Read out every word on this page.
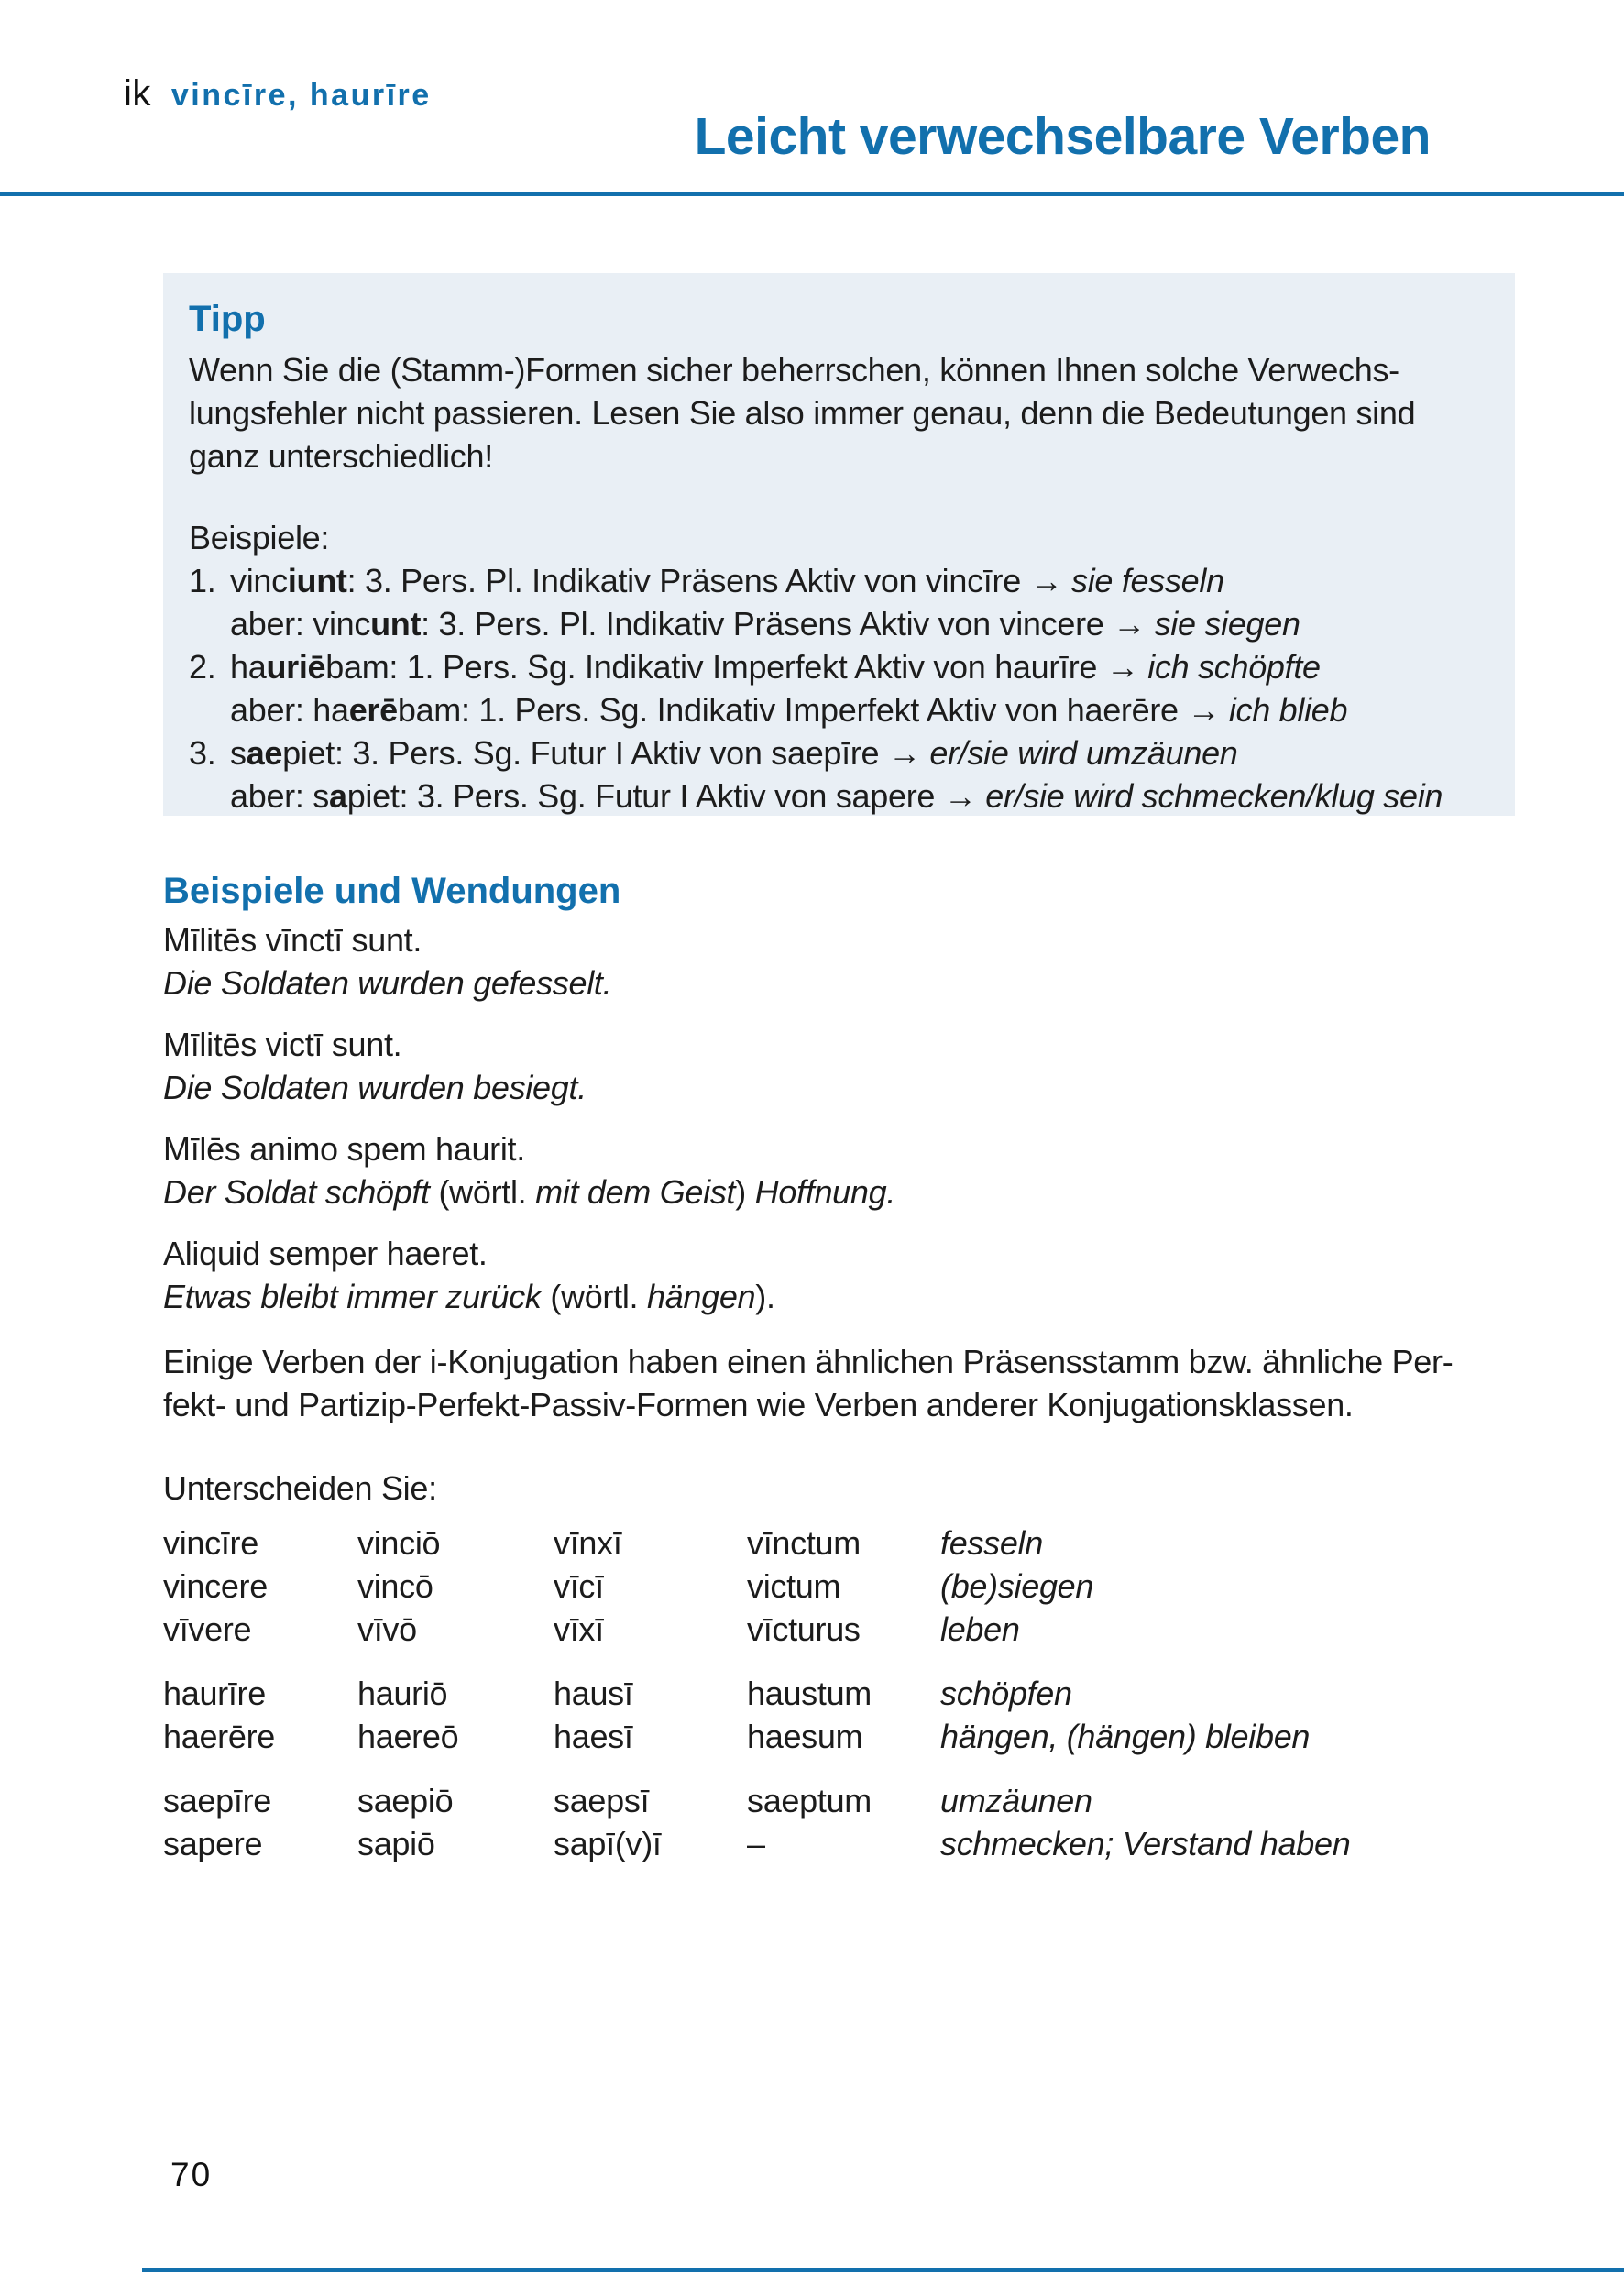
ik vincīre, haurīre
Leicht verwechselbare Verben
Tipp
Wenn Sie die (Stamm-)Formen sicher beherrschen, können Ihnen solche Verwechs-
lungsfehler nicht passieren. Lesen Sie also immer genau, denn die Bedeutungen sind
ganz unterschiedlich!
Beispiele:
1. vinciunt: 3. Pers. Pl. Indikativ Präsens Aktiv von vincīre → sie fesseln
aber: vincunt: 3. Pers. Pl. Indikativ Präsens Aktiv von vincere → sie siegen
2. hauriēbam: 1. Pers. Sg. Indikativ Imperfekt Aktiv von haurīre → ich schöpfte
aber: haerēbam: 1. Pers. Sg. Indikativ Imperfekt Aktiv von haerēre → ich blieb
3. saepiet: 3. Pers. Sg. Futur I Aktiv von saepīre → er/sie wird umzäunen
aber: sapiet: 3. Pers. Sg. Futur I Aktiv von sapere → er/sie wird schmecken/klug sein
Beispiele und Wendungen
Mīlitēs vīnctī sunt.
Die Soldaten wurden gefesselt.
Mīlitēs victī sunt.
Die Soldaten wurden besiegt.
Mīlēs animo spem haurit.
Der Soldat schöpft (wörtl. mit dem Geist) Hoffnung.
Aliquid semper haeret.
Etwas bleibt immer zurück (wörtl. hängen).
Einige Verben der i-Konjugation haben einen ähnlichen Präsensstamm bzw. ähnliche Per-
fekt- und Partizip-Perfekt-Passiv-Formen wie Verben anderer Konjugationsklassen.
Unterscheiden Sie:
vincīre	vinciō	vīnxī	vīnctum	fesseln
vincere	vincō	vīcī	victum	(be)siegen
vīvere	vīvō	vīxī	vīcturus	leben
haurīre	hauriō	hausī	haustum	schöpfen
haerēre	haereō	haesī	haesum	hängen, (hängen) bleiben
saepīre	saepiō	saepsī	saeptum	umzäunen
sapere	sapiō	sapī(v)ī	–	schmecken; Verstand haben
70
